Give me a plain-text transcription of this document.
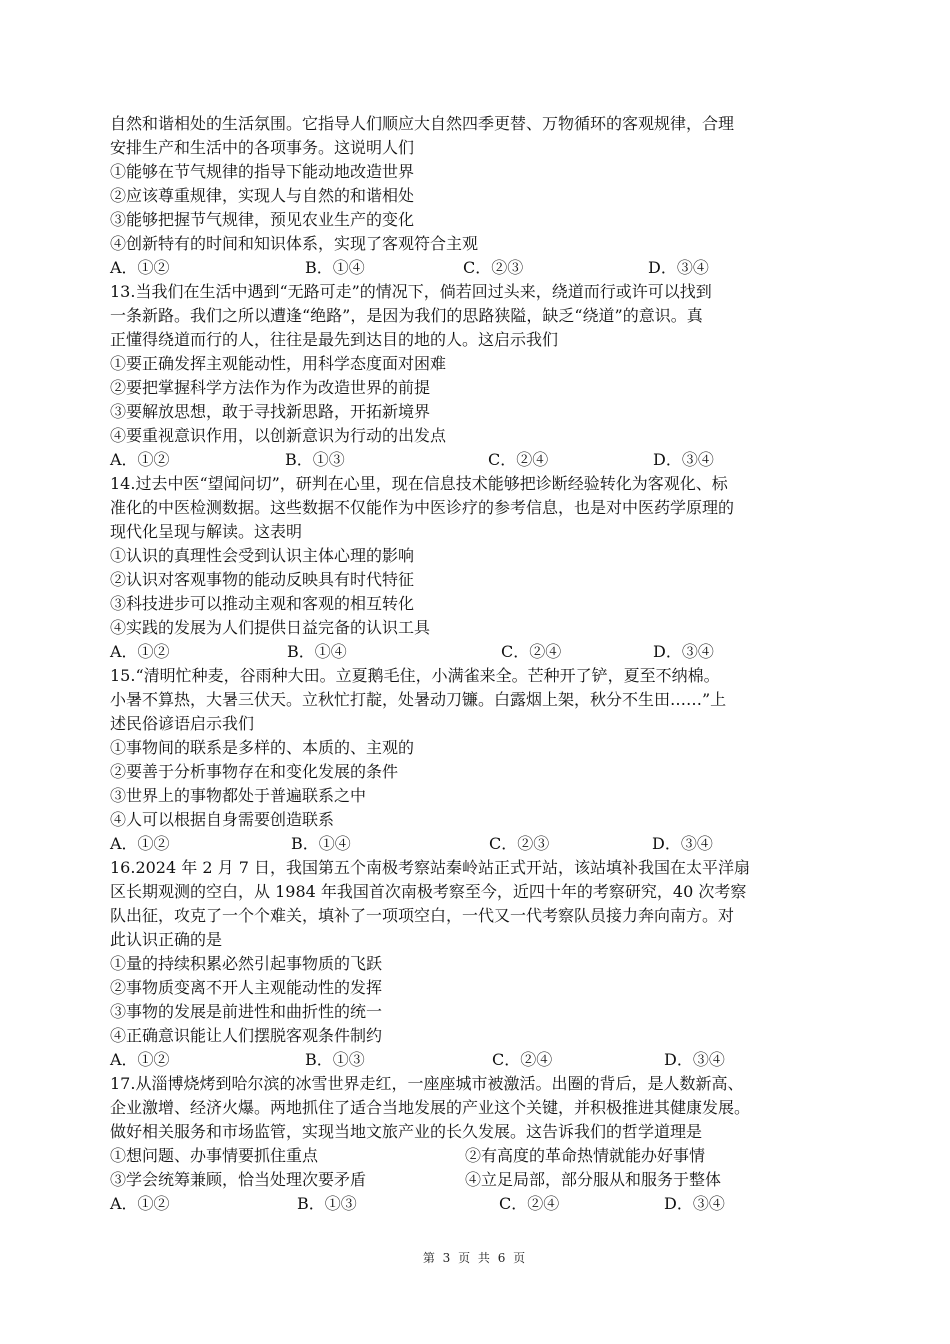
自然和谐相处的生活氛围。它指导人们顺应大自然四季更替、万物循环的客观规律，合理
安排生产和生活中的各项事务。这说明人们
①能够在节气规律的指导下能动地改造世界
②应该尊重规律，实现人与自然的和谐相处
③能够把握节气规律，预见农业生产的变化
④创新特有的时间和知识体系，实现了客观符合主观
A．①②	B．①④	C．②③	D．③④
13.当我们在生活中遇到“无路可走”的情况下，倘若回过头来，绕道而行或许可以找到
一条新路。我们之所以遭逢“绝路”，是因为我们的思路狭隘，缺乏“绕道”的意识。真
正懂得绕道而行的人，往往是最先到达目的地的人。这启示我们
①要正确发挥主观能动性，用科学态度面对困难
②要把掌握科学方法作为作为改造世界的前提
③要解放思想，敢于寻找新思路，开拓新境界
④要重视意识作用，以创新意识为行动的出发点
A．①②	B．①③	C．②④	D．③④
14.过去中医“望闻问切”，研判在心里，现在信息技术能够把诊断经验转化为客观化、标
准化的中医检测数据。这些数据不仅能作为中医诊疗的参考信息，也是对中医药学原理的
现代化呈现与解读。这表明
①认识的真理性会受到认识主体心理的影响
②认识对客观事物的能动反映具有时代特征
③科技进步可以推动主观和客观的相互转化
④实践的发展为人们提供日益完备的认识工具
A．①②	B．①④	C．②④	D．③④
15.“清明忙种麦，谷雨种大田。立夏鹅毛住，小满雀来全。芒种开了铲，夏至不纳棉。
小暑不算热，大暑三伏天。立秋忙打靛，处暑动刀镰。白露烟上架，秋分不生田……”上
述民俗谚语启示我们
①事物间的联系是多样的、本质的、主观的
②要善于分析事物存在和变化发展的条件
③世界上的事物都处于普遍联系之中
④人可以根据自身需要创造联系
A．①②	B．①④	C．②③	D．③④
16.2024 年 2 月 7 日，我国第五个南极考察站秦岭站正式开站，该站填补我国在太平洋扇
区长期观测的空白，从 1984 年我国首次南极考察至今，近四十年的考察研究，40 次考察
队出征，攻克了一个个难关，填补了一项项空白，一代又一代考察队员接力奔向南方。对
此认识正确的是
①量的持续积累必然引起事物质的飞跃
②事物质变离不开人主观能动性的发挥
③事物的发展是前进性和曲折性的统一
④正确意识能让人们摆脱客观条件制约
A．①②	B．①③	C．②④	D．③④
17.从淄博烧烤到哈尔滨的冰雪世界走红，一座座城市被激活。出圈的背后，是人数新高、
企业激增、经济火爆。两地抓住了适合当地发展的产业这个关键，并积极推进其健康发展。
做好相关服务和市场监管，实现当地文旅产业的长久发展。这告诉我们的哲学道理是
①想问题、办事情要抓住重点	②有高度的革命热情就能办好事情
③学会统筹兼顾，恰当处理次要矛盾	④立足局部，部分服从和服务于整体
A．①②	B．①③	C．②④	D．③④
第 3 页 共 6 页
